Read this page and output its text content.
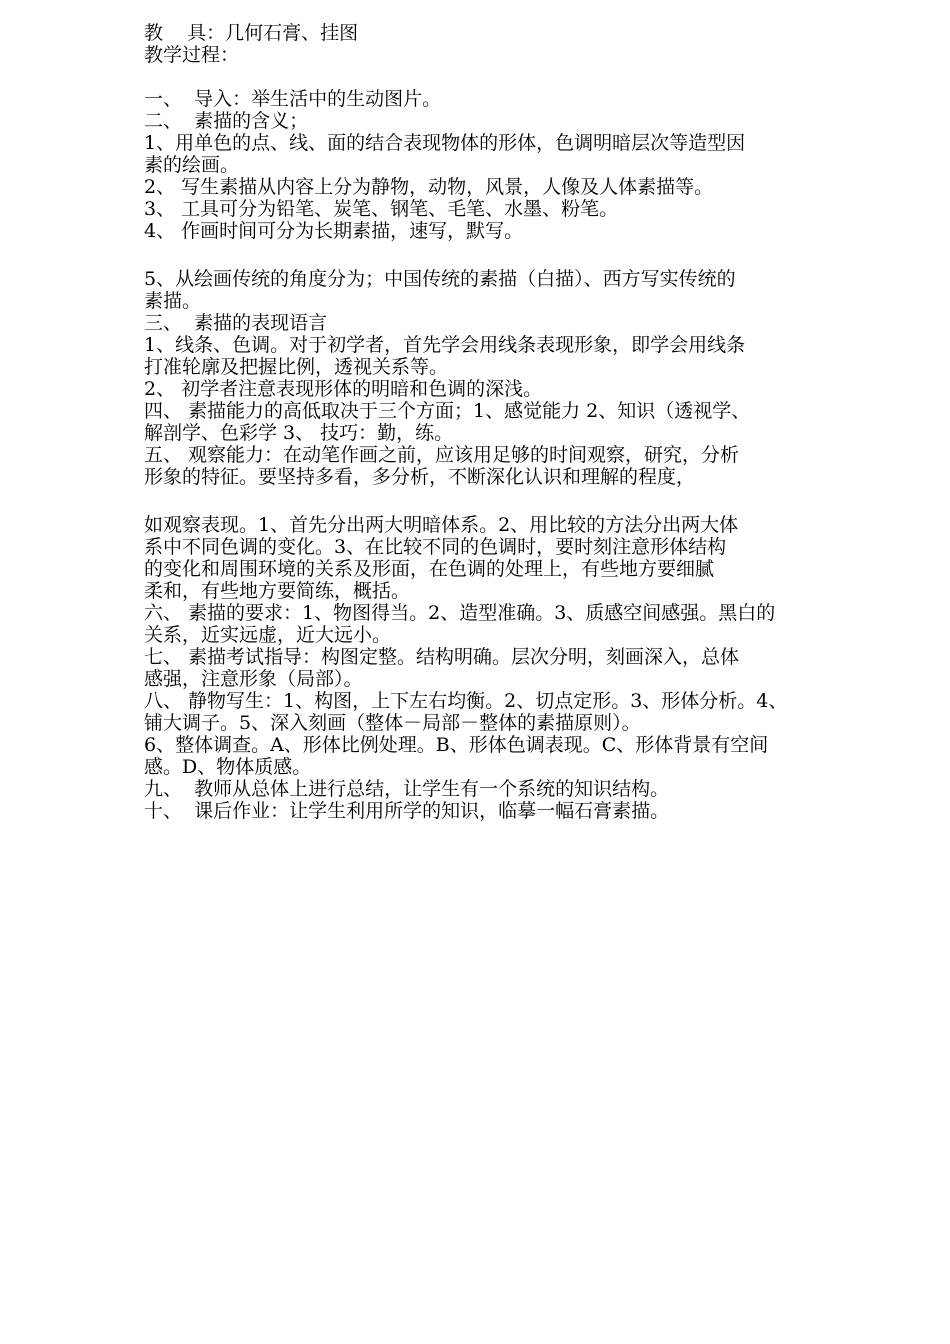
教    具：几何石膏、挂图
教学过程：
一、  导入：举生活中的生动图片。
二、  素描的含义；
1、用单色的点、线、面的结合表现物体的形体，色调明暗层次等造型因
素的绘画。
2、 写生素描从内容上分为静物，动物，风景，人像及人体素描等。
3、 工具可分为铅笔、炭笔、钢笔、毛笔、水墨、粉笔。
4、 作画时间可分为长期素描，速写，默写。
5、从绘画传统的角度分为；中国传统的素描（白描）、西方写实传统的
素描。
三、  素描的表现语言
1、线条、色调。对于初学者，首先学会用线条表现形象，即学会用线条
打准轮廓及把握比例，透视关系等。
2、 初学者注意表现形体的明暗和色调的深浅。
四、 素描能力的高低取决于三个方面；1、感觉能力 2、知识（透视学、
解剖学、色彩学 3、 技巧：勤，练。
五、 观察能力：在动笔作画之前，应该用足够的时间观察，研究，分析
形象的特征。要坚持多看，多分析，不断深化认识和理解的程度，
如观察表现。1、首先分出两大明暗体系。2、用比较的方法分出两大体
系中不同色调的变化。3、在比较不同的色调时，要时刻注意形体结构
的变化和周围环境的关系及形面，在色调的处理上，有些地方要细腻
柔和，有些地方要简练，概括。
六、 素描的要求：1、物图得当。2、造型准确。3、质感空间感强。黑白的
关系，近实远虚，近大远小。
七、 素描考试指导：构图定整。结构明确。层次分明，刻画深入，总体
感强，注意形象（局部）。
八、 静物写生：1、构图，上下左右均衡。2、切点定形。3、形体分析。4、
铺大调子。5、深入刻画（整体－局部－整体的素描原则）。
6、整体调查。A、形体比例处理。B、形体色调表现。C、形体背景有空间
感。D、物体质感。
九、  教师从总体上进行总结，让学生有一个系统的知识结构。
十、  课后作业：让学生利用所学的知识，临摹一幅石膏素描。
